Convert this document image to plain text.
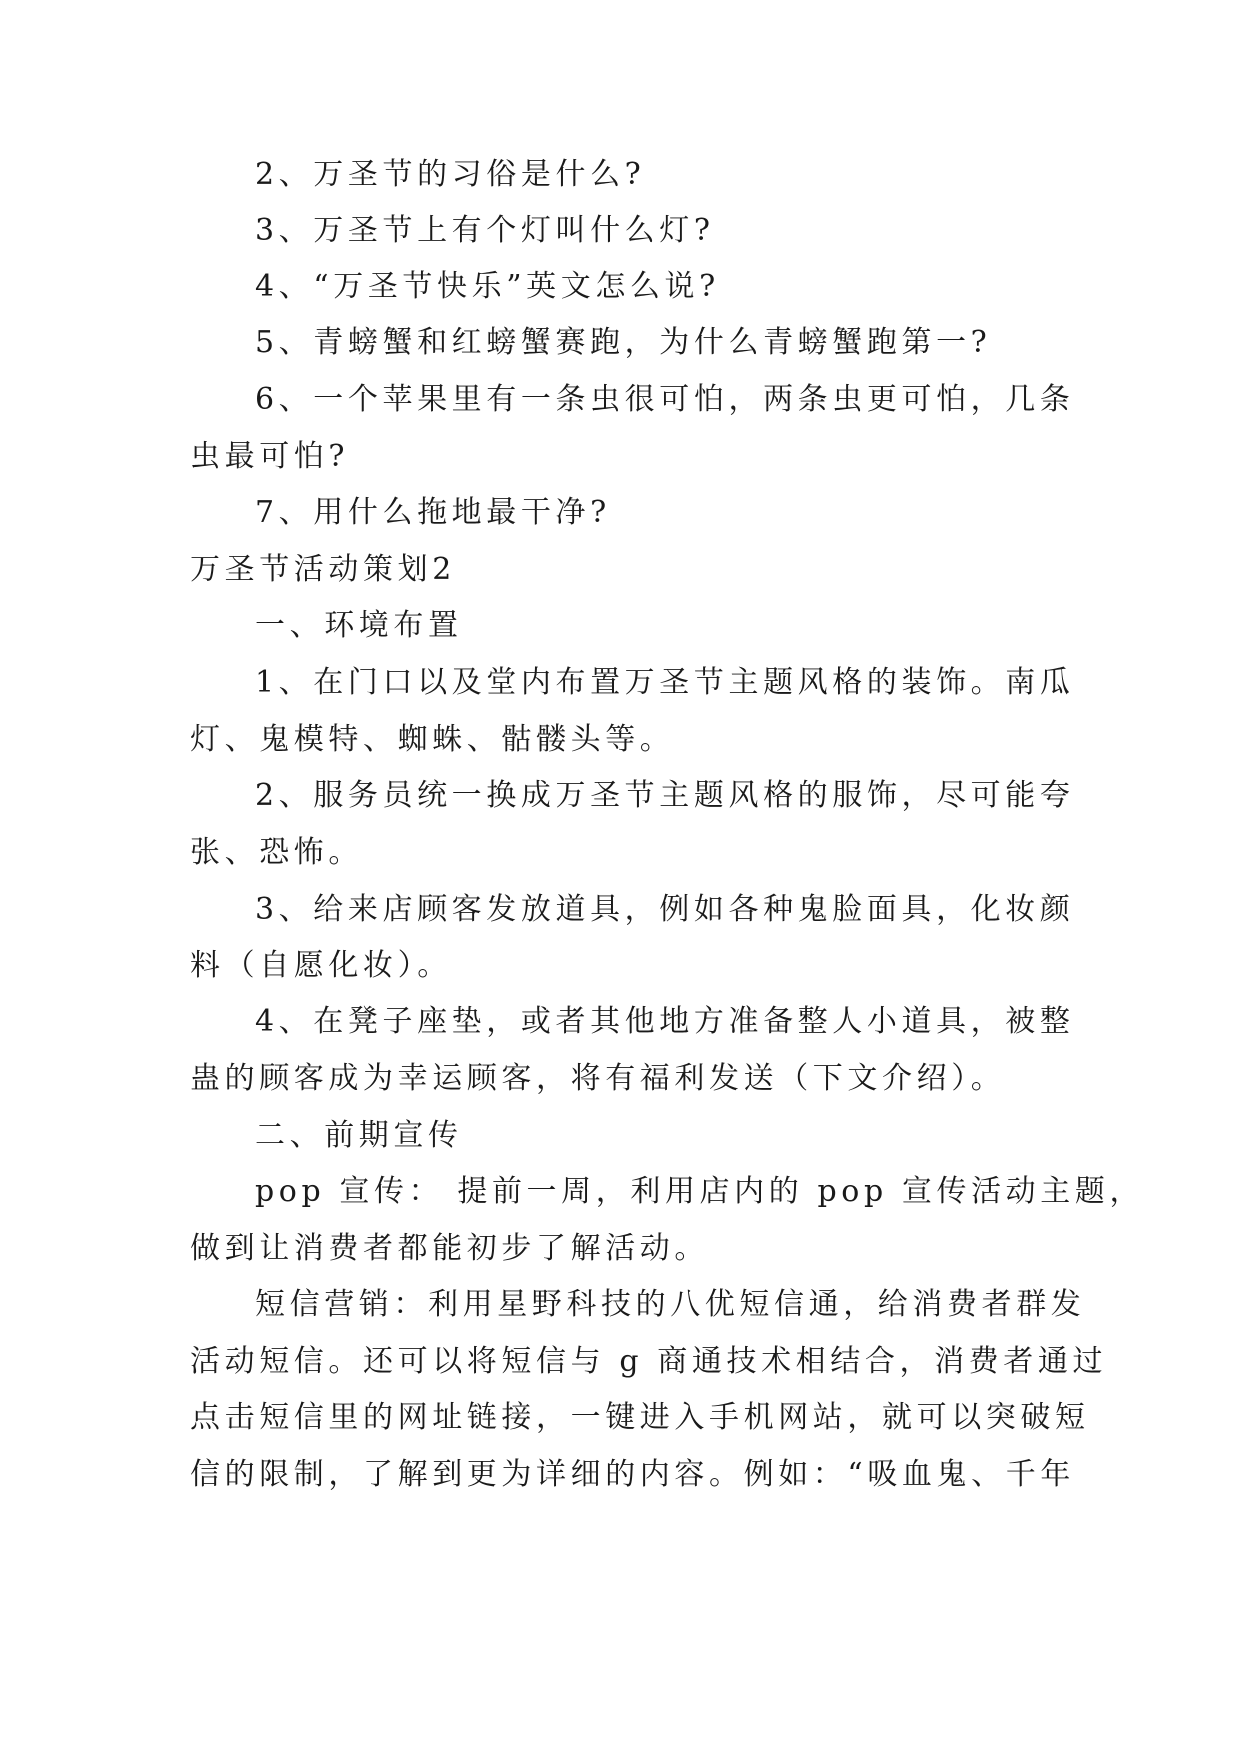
2、万圣节的习俗是什么?
3、万圣节上有个灯叫什么灯?
4、“万圣节快乐”英文怎么说?
5、青螃蟹和红螃蟹赛跑，为什么青螃蟹跑第一?
6、一个苹果里有一条虫很可怕，两条虫更可怕，几条
虫最可怕?
7、用什么拖地最干净?
万圣节活动策划2
一、环境布置
1、在门口以及堂内布置万圣节主题风格的装饰。南瓜
灯、鬼模特、蜘蛛、骷髅头等。
2、服务员统一换成万圣节主题风格的服饰，尽可能夸
张、恐怖。
3、给来店顾客发放道具，例如各种鬼脸面具，化妆颜
料（自愿化妆）。
4、在凳子座垫，或者其他地方准备整人小道具，被整
蛊的顾客成为幸运顾客，将有福利发送（下文介绍）。
二、前期宣传
pop 宣传： 提前一周，利用店内的 pop 宣传活动主题，
做到让消费者都能初步了解活动。
短信营销：利用星野科技的八优短信通，给消费者群发
活动短信。还可以将短信与 g 商通技术相结合，消费者通过
点击短信里的网址链接，一键进入手机网站，就可以突破短
信的限制，了解到更为详细的内容。例如：“吸血鬼、千年
